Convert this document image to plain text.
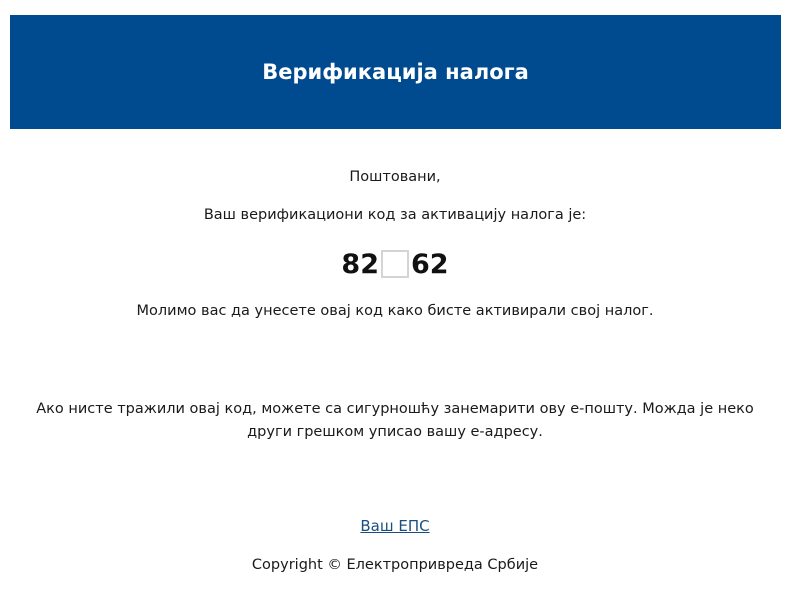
Верификација налога
Поштовани,
Ваш верификациони код за активацију налога је:
82 62
Молимо вас да унесете овај код како бисте активирали свој налог.
Ако нисте тражили овај код, можете са сигурношћу занемарити ову е-пошту. Можда је неко
други грешком уписао вашу е-адресу.
Ваш ЕПС
Copyright © Електропривреда Србије
